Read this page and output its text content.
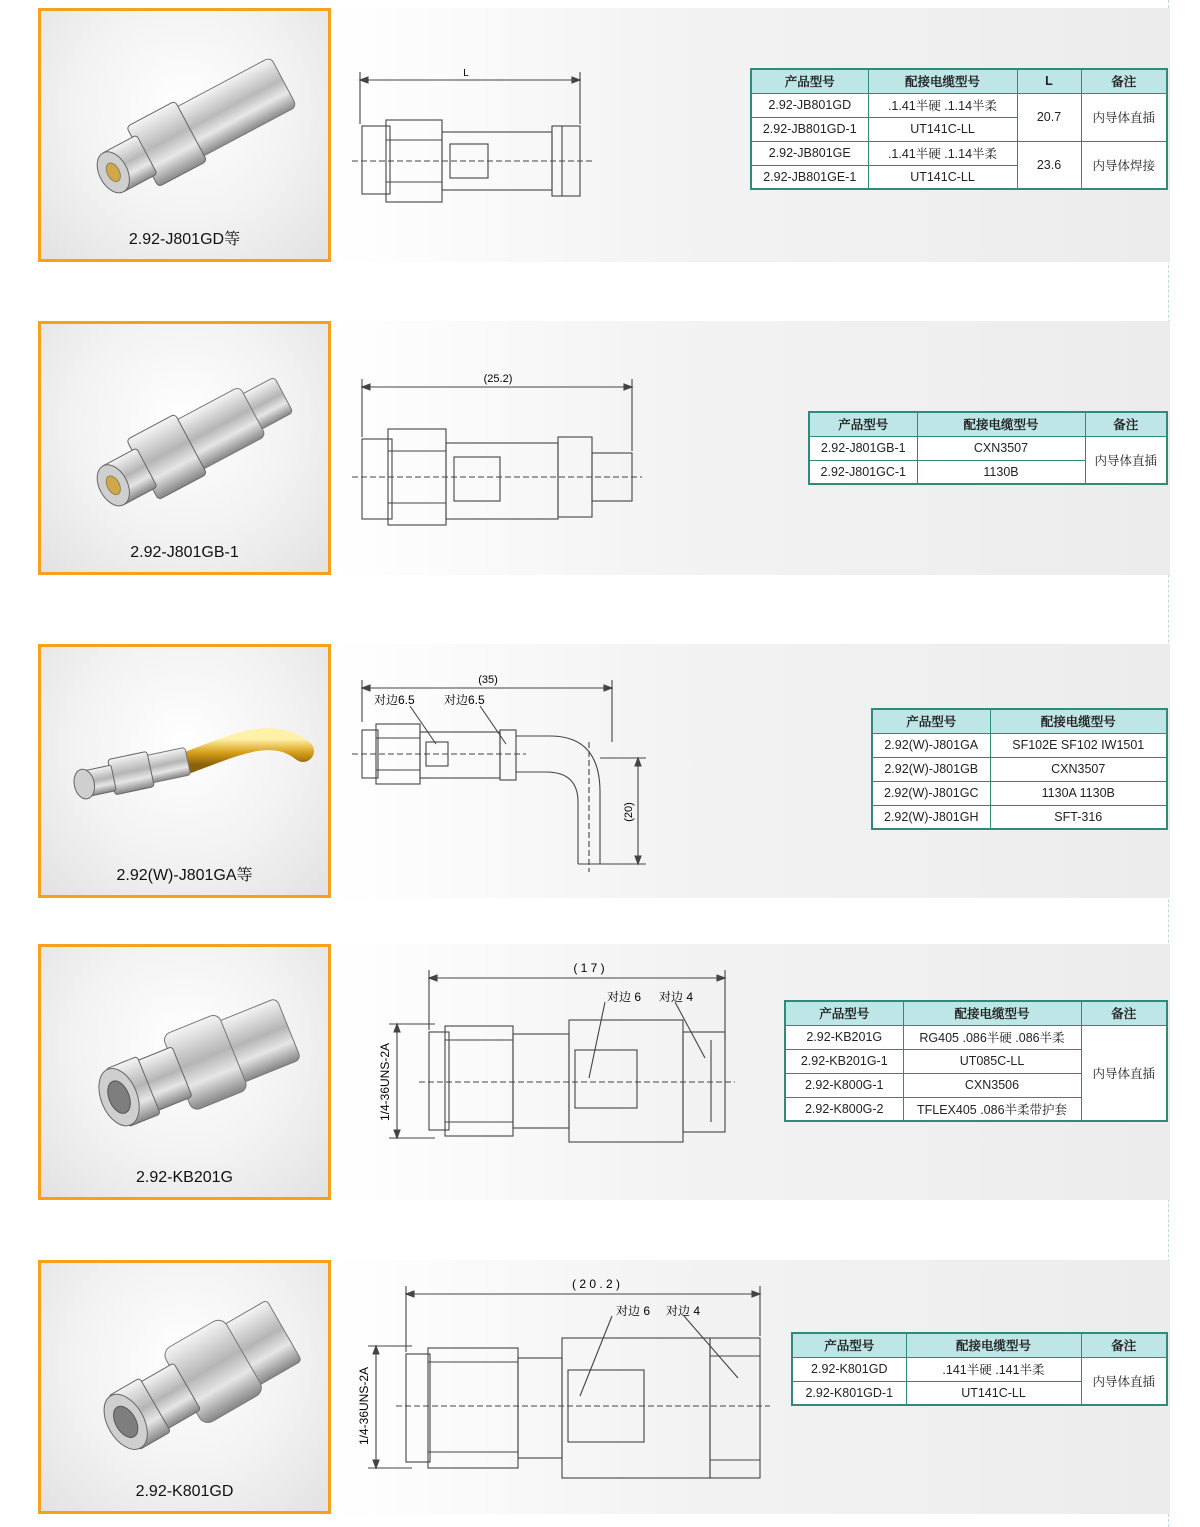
2.92-J801GD等
L
产品型号	配接电缆型号	L	备注
2.92-JB801GD	.1.41半硬 .1.14半柔	20.7	内导体直插
2.92-JB801GD-1	UT141C-LL		
2.92-JB801GE	.1.41半硬 .1.14半柔	23.6	内导体焊接
2.92-JB801GE-1	UT141C-LL		
2.92-J801GB-1
(25.2)
产品型号	配接电缆型号	备注
2.92-J801GB-1	CXN3507	内导体直插
2.92-J801GC-1	1130B	
2.92(W)-J801GA等
(35)
对边6.5 对边6.5
(20)
产品型号	配接电缆型号
2.92(W)-J801GA	SF102E SF102 IW1501
2.92(W)-J801GB	CXN3507
2.92(W)-J801GC	1130A 1130B
2.92(W)-J801GH	SFT-316
2.92-KB201G
( 1 7 )
对边 6 对边 4
1/4-36UNS-2A
产品型号	配接电缆型号	备注
2.92-KB201G	RG405 .086半硬 .086半柔	内导体直插
2.92-KB201G-1	UT085C-LL	
2.92-K800G-1	CXN3506	
2.92-K800G-2	TFLEX405 .086半柔带护套	
2.92-K801GD
( 2 0 . 2 )
对边 6 对边 4
1/4-36UNS-2A
产品型号	配接电缆型号	备注
2.92-K801GD	.141半硬 .141半柔	内导体直插
2.92-K801GD-1	UT141C-LL	
